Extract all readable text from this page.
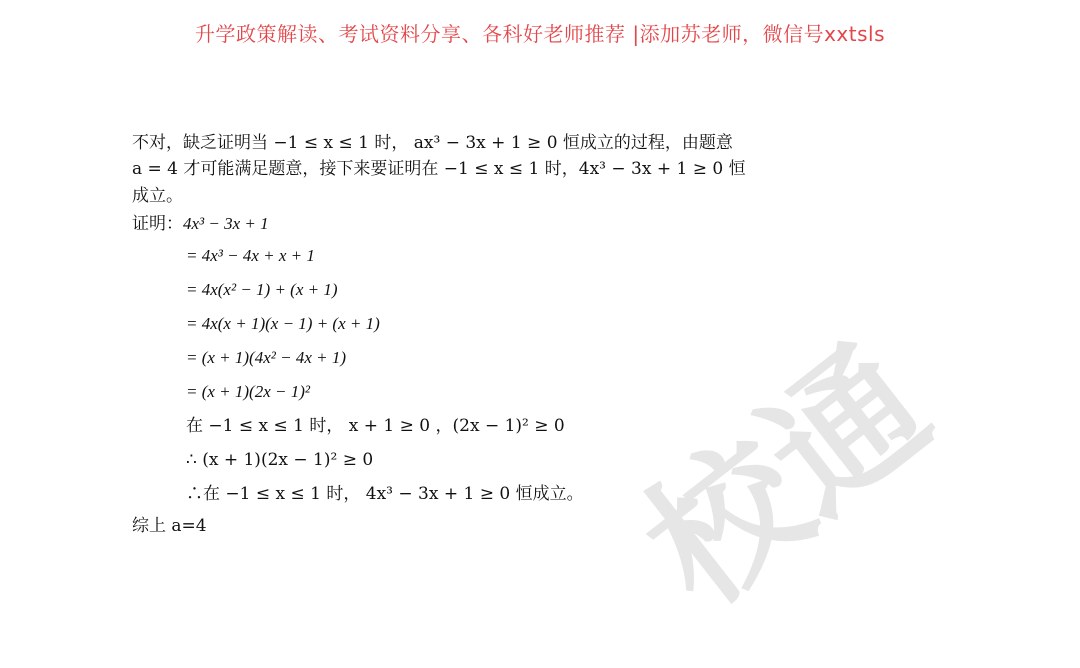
升学政策解读、考试资料分享、各科好老师推荐 |添加苏老师，微信号xxtsls
校通

不对，缺乏证明当 −1 ≤ x ≤ 1 时， ax³ − 3x + 1 ≥ 0 恒成立的过程，由题意

a = 4 才可能满足题意，接下来要证明在 −1 ≤ x ≤ 1 时，4x³ − 3x + 1 ≥ 0 恒

成立。

证明：4x³ − 3x + 1
= 4x³ − 4x + x + 1
= 4x(x² − 1) + (x + 1)
= 4x(x + 1)(x − 1) + (x + 1)
= (x + 1)(4x² − 4x + 1)
= (x + 1)(2x − 1)²
在 −1 ≤ x ≤ 1 时， x + 1 ≥ 0 ，(2x − 1)² ≥ 0
∴ (x + 1)(2x − 1)² ≥ 0
∴在 −1 ≤ x ≤ 1 时， 4x³ − 3x + 1 ≥ 0 恒成立。
综上 a=4
